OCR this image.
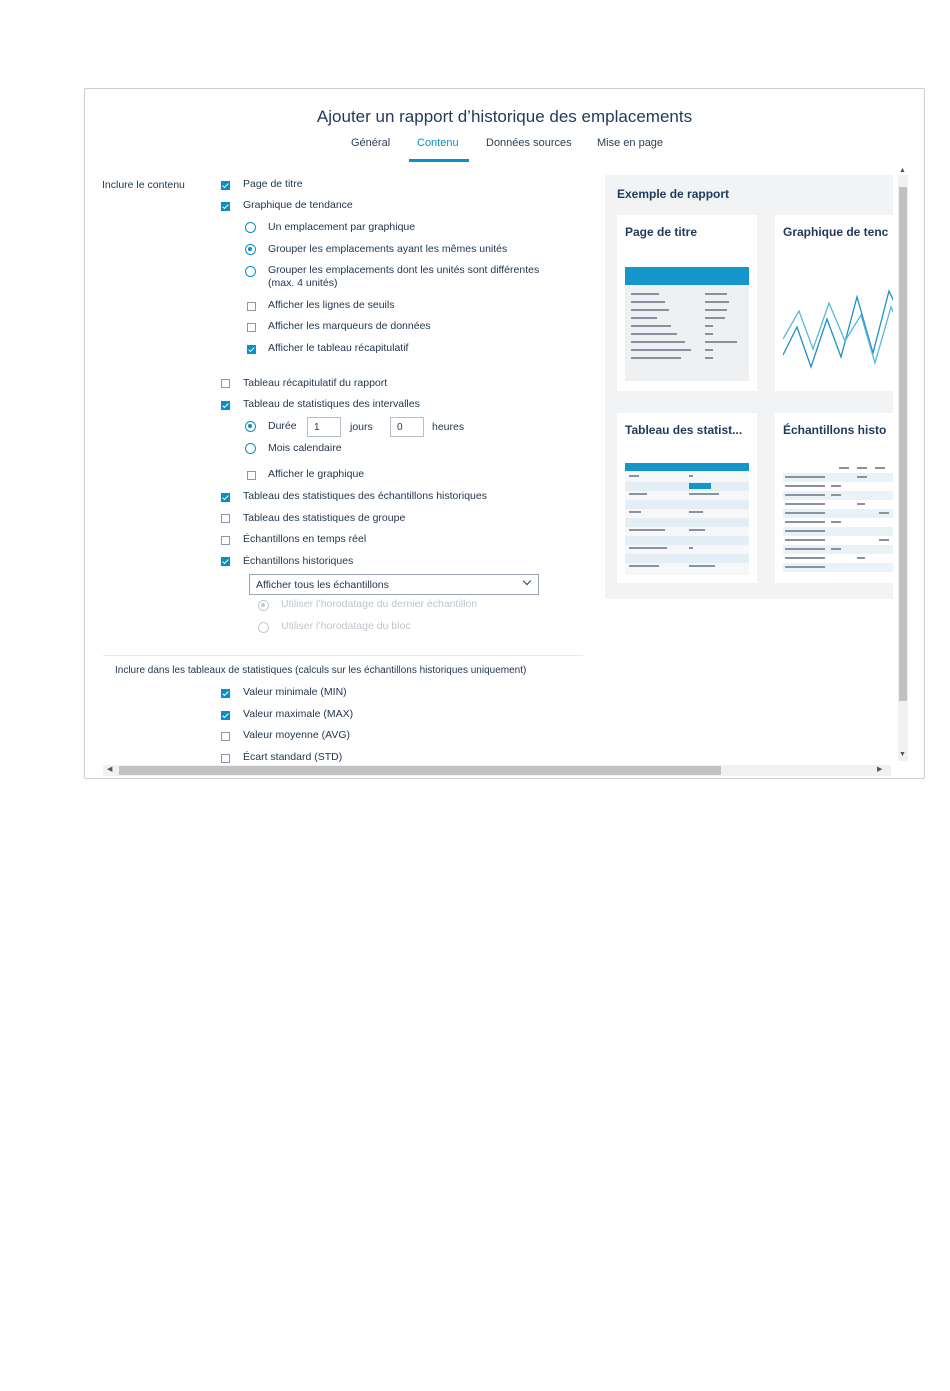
Ajouter un rapport d’historique des emplacements
Général Contenu Données sources Mise en page
Inclure le contenu	Page de titre
Graphique de tendance
Un emplacement par graphique
Grouper les emplacements ayant les mêmes unités
Grouper les emplacements dont les unités sont différentes
(max. 4 unités)
Afficher les lignes de seuils
Afficher les marqueurs de données
Afficher le tableau récapitulatif
Tableau récapitulatif du rapport
Tableau de statistiques des intervalles
Durée	1	jours	0	heures
Mois calendaire
Afficher le graphique
Tableau des statistiques des échantillons historiques
Tableau des statistiques de groupe
Échantillons en temps réel
Échantillons historiques
Afficher tous les échantillons
Utiliser l’horodatage du dernier échantillon
Utiliser l’horodatage du bloc
Inclure dans les tableaux de statistiques (calculs sur les échantillons historiques uniquement)
Valeur minimale (MIN)
Valeur maximale (MAX)
Valeur moyenne (AVG)
Écart standard (STD)
Exemple de rapport
Page de titre	Graphique de tenc
Tableau des statist...	Échantillons histo
▲
▼
◀	▶
